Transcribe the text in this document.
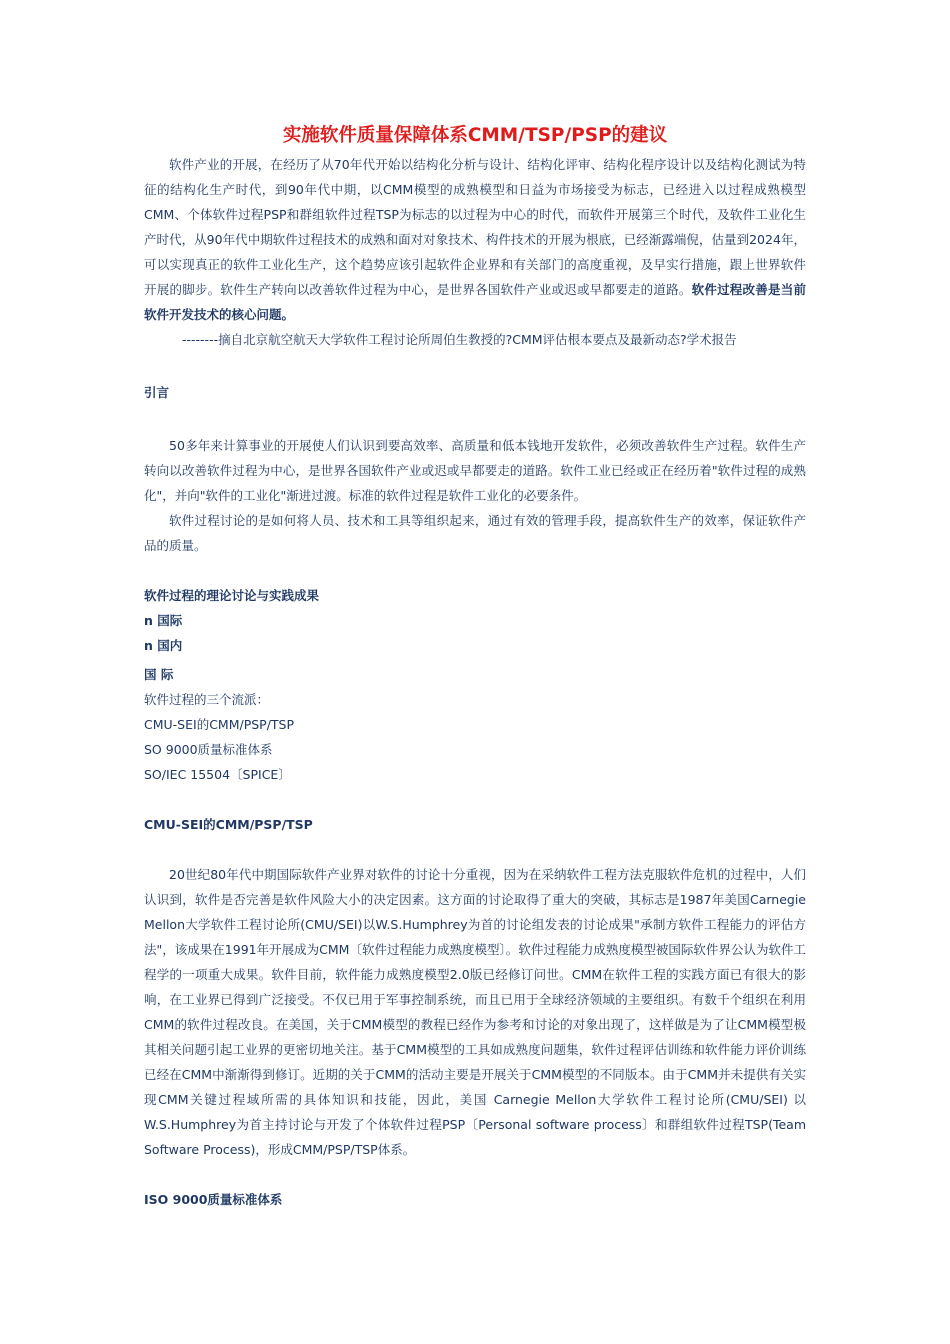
实施软件质量保障体系CMM/TSP/PSP的建议

软件产业的开展，在经历了从70年代开始以结构化分析与设计、结构化评审、结构化程序设计以及结构化测试为特征的结构化生产时代，到90年代中期，以CMM模型的成熟模型和日益为市场接受为标志，已经进入以过程成熟模型CMM、个体软件过程PSP和群组软件过程TSP为标志的以过程为中心的时代，而软件开展第三个时代，及软件工业化生产时代，从90年代中期软件过程技术的成熟和面对对象技术、构件技术的开展为根底，已经渐露端倪，估量到2024年，可以实现真正的软件工业化生产，这个趋势应该引起软件企业界和有关部门的高度重视，及早实行措施，跟上世界软件开展的脚步。软件生产转向以改善软件过程为中心，是世界各国软件产业或迟或早都要走的道路。软件过程改善是当前软件开发技术的核心问题。

--------摘自北京航空航天大学软件工程讨论所周伯生教授的?CMM评估根本要点及最新动态?学术报告

引言

50多年来计算事业的开展使人们认识到要高效率、高质量和低本钱地开发软件，必须改善软件生产过程。软件生产转向以改善软件过程为中心，是世界各国软件产业或迟或早都要走的道路。软件工业已经或正在经历着"软件过程的成熟化"，并向"软件的工业化"渐进过渡。标准的软件过程是软件工业化的必要条件。

软件过程讨论的是如何将人员、技术和工具等组织起来，通过有效的管理手段，提高软件生产的效率，保证软件产品的质量。

软件过程的理论讨论与实践成果

n 国际

n 国内

国 际

软件过程的三个流派：

CMU-SEI的CMM/PSP/TSP

SO 9000质量标准体系

SO/IEC 15504〔SPICE〕

CMU-SEI的CMM/PSP/TSP

20世纪80年代中期国际软件产业界对软件的讨论十分重视，因为在采纳软件工程方法克服软件危机的过程中，人们认识到，软件是否完善是软件风险大小的决定因素。这方面的讨论取得了重大的突破，其标志是1987年美国Carnegie Mellon大学软件工程讨论所(CMU/SEI)以W.S.Humphrey为首的讨论组发表的讨论成果"承制方软件工程能力的评估方法"，该成果在1991年开展成为CMM〔软件过程能力成熟度模型〕。软件过程能力成熟度模型被国际软件界公认为软件工程学的一项重大成果。软件目前，软件能力成熟度模型2.0版已经修订问世。CMM在软件工程的实践方面已有很大的影响，在工业界已得到广泛接受。不仅已用于军事控制系统，而且已用于全球经济领域的主要组织。有数千个组织在利用CMM的软件过程改良。在美国，关于CMM模型的教程已经作为参考和讨论的对象出现了，这样做是为了让CMM模型极其相关问题引起工业界的更密切地关注。基于CMM模型的工具如成熟度问题集，软件过程评估训练和软件能力评价训练已经在CMM中渐渐得到修订。近期的关于CMM的活动主要是开展关于CMM模型的不同版本。由于CMM并未提供有关实现CMM关键过程域所需的具体知识和技能，因此，美国 Carnegie Mellon大学软件工程讨论所(CMU/SEI) 以W.S.Humphrey为首主持讨论与开发了个体软件过程PSP〔Personal software process〕和群组软件过程TSP(Team Software Process)，形成CMM/PSP/TSP体系。

ISO 9000质量标准体系
